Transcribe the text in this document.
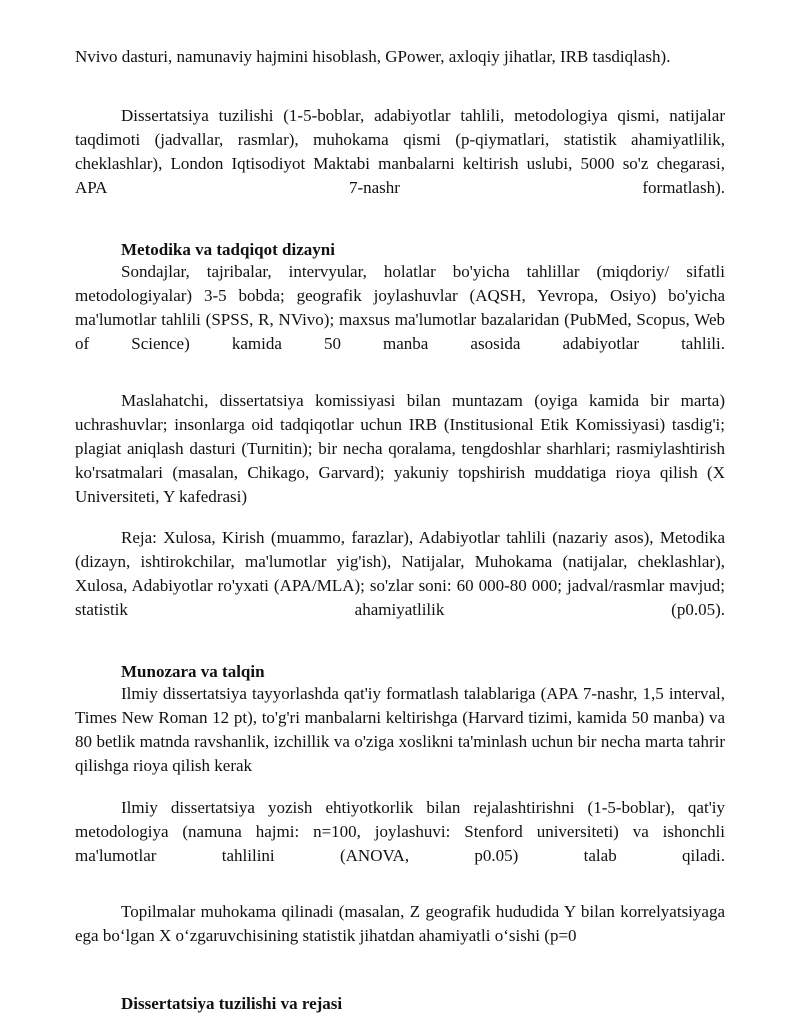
Nvivo dasturi, namunaviy hajmini hisoblash, GPower, axloqiy jihatlar, IRB tasdiqlash).
Dissertatsiya tuzilishi (1-5-boblar, adabiyotlar tahlili, metodologiya qismi, natijalar taqdimoti (jadvallar, rasmlar), muhokama qismi (p-qiymatlari, statistik ahamiyatlilik, cheklashlar), London Iqtisodiyot Maktabi manbalarni keltirish uslubi, 5000 so'z chegarasi, APA 7-nashr formatlash).
Metodika va tadqiqot dizayni
Sondajlar, tajribalar, intervyular, holatlar bo'yicha tahlillar (miqdoriy/ sifatli metodologiyalar) 3-5 bobda; geografik joylashuvlar (AQSH, Yevropa, Osiyo) bo'yicha ma'lumotlar tahlili (SPSS, R, NVivo); maxsus ma'lumotlar bazalaridan (PubMed, Scopus, Web of Science) kamida 50 manba asosida adabiyotlar tahlili.
Maslahatchi, dissertatsiya komissiyasi bilan muntazam (oyiga kamida bir marta) uchrashuvlar; insonlarga oid tadqiqotlar uchun IRB (Institusional Etik Komissiyasi) tasdig'i; plagiat aniqlash dasturi (Turnitin); bir necha qoralama, tengdoshlar sharhlari; rasmiylashtirish ko'rsatmalari (masalan, Chikago, Garvard); yakuniy topshirish muddatiga rioya qilish (X Universiteti, Y kafedrasi)
Reja: Xulosa, Kirish (muammo, farazlar), Adabiyotlar tahlili (nazariy asos), Metodika (dizayn, ishtirokchilar, ma'lumotlar yig'ish), Natijalar, Muhokama (natijalar, cheklashlar), Xulosa, Adabiyotlar ro'yxati (APA/MLA); so'zlar soni: 60 000-80 000; jadval/rasmlar mavjud; statistik ahamiyatlilik (p0.05).
Munozara va talqin
Ilmiy dissertatsiya tayyorlashda qat'iy formatlash talablariga (APA 7-nashr, 1,5 interval, Times New Roman 12 pt), to'g'ri manbalarni keltirishga (Harvard tizimi, kamida 50 manba) va 80 betlik matnda ravshanlik, izchillik va o'ziga xoslikni ta'minlash uchun bir necha marta tahrir qilishga rioya qilish kerak
Ilmiy dissertatsiya yozish ehtiyotkorlik bilan rejalashtirishni (1-5-boblar), qat'iy metodologiya (namuna hajmi: n=100, joylashuvi: Stenford universiteti) va ishonchli ma'lumotlar tahlilini (ANOVA, p0.05) talab qiladi.
Topilmalar muhokama qilinadi (masalan, Z geografik hududida Y bilan korrelyatsiyaga ega bo‘lgan X o‘zgaruvchisining statistik jihatdan ahamiyatli o‘sishi (p=0
Dissertatsiya tuzilishi va rejasi
